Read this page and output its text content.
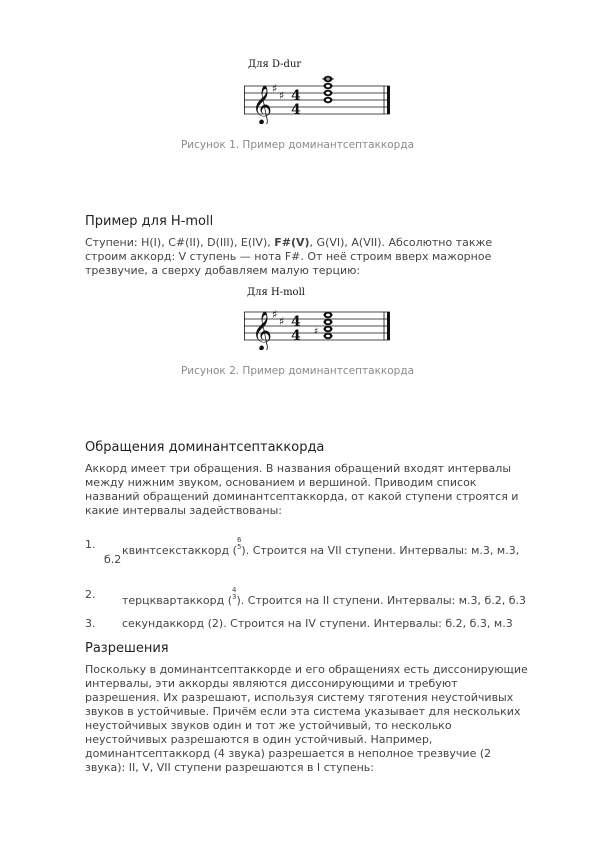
Для D-dur
𝄞 ♯
♯ 4
4
Рисунок 1. Пример доминантсептаккорда
Пример для H-moll
Ступени: H(I), C#(II), D(III), E(IV), F#(V), G(VI), A(VII). Абсолютно также
строим аккорд: V ступень — нота F#. От неё строим вверх мажорное
трезвучие, а сверху добавляем малую терцию:
Для H-moll
𝄞 ♯
♯ 4
4 ♯
Рисунок 2. Пример доминантсептаккорда
Обращения доминантсептаккорда
Аккорд имеет три обращения. В названия обращений входят интервалы
между нижним звуком, основанием и вершиной. Приводим список
названий обращений доминантсептаккорда, от какой ступени строятся и
какие интервалы задействованы:
1. квинтсекстаккорд (6
5). Строится на VII ступени. Интервалы: м.3, м.3,
б.2
2. терцквартаккорд (4
3). Строится на II ступени. Интервалы: м.3, б.2, б.3
3. секундаккорд (2). Строится на IV ступени. Интервалы: б.2, б.3, м.3
Разрешения
Поскольку в доминантсептаккорде и его обращениях есть диссонирующие
интервалы, эти аккорды являются диссонирующими и требуют
разрешения. Их разрешают, используя систему тяготения неустойчивых
звуков в устойчивые. Причём если эта система указывает для нескольких
неустойчивых звуков один и тот же устойчивый, то несколько
неустойчивых разрешаются в один устойчивый. Например,
доминантсептаккорд (4 звука) разрешается в неполное трезвучие (2
звука): II, V, VII ступени разрешаются в I ступень:
